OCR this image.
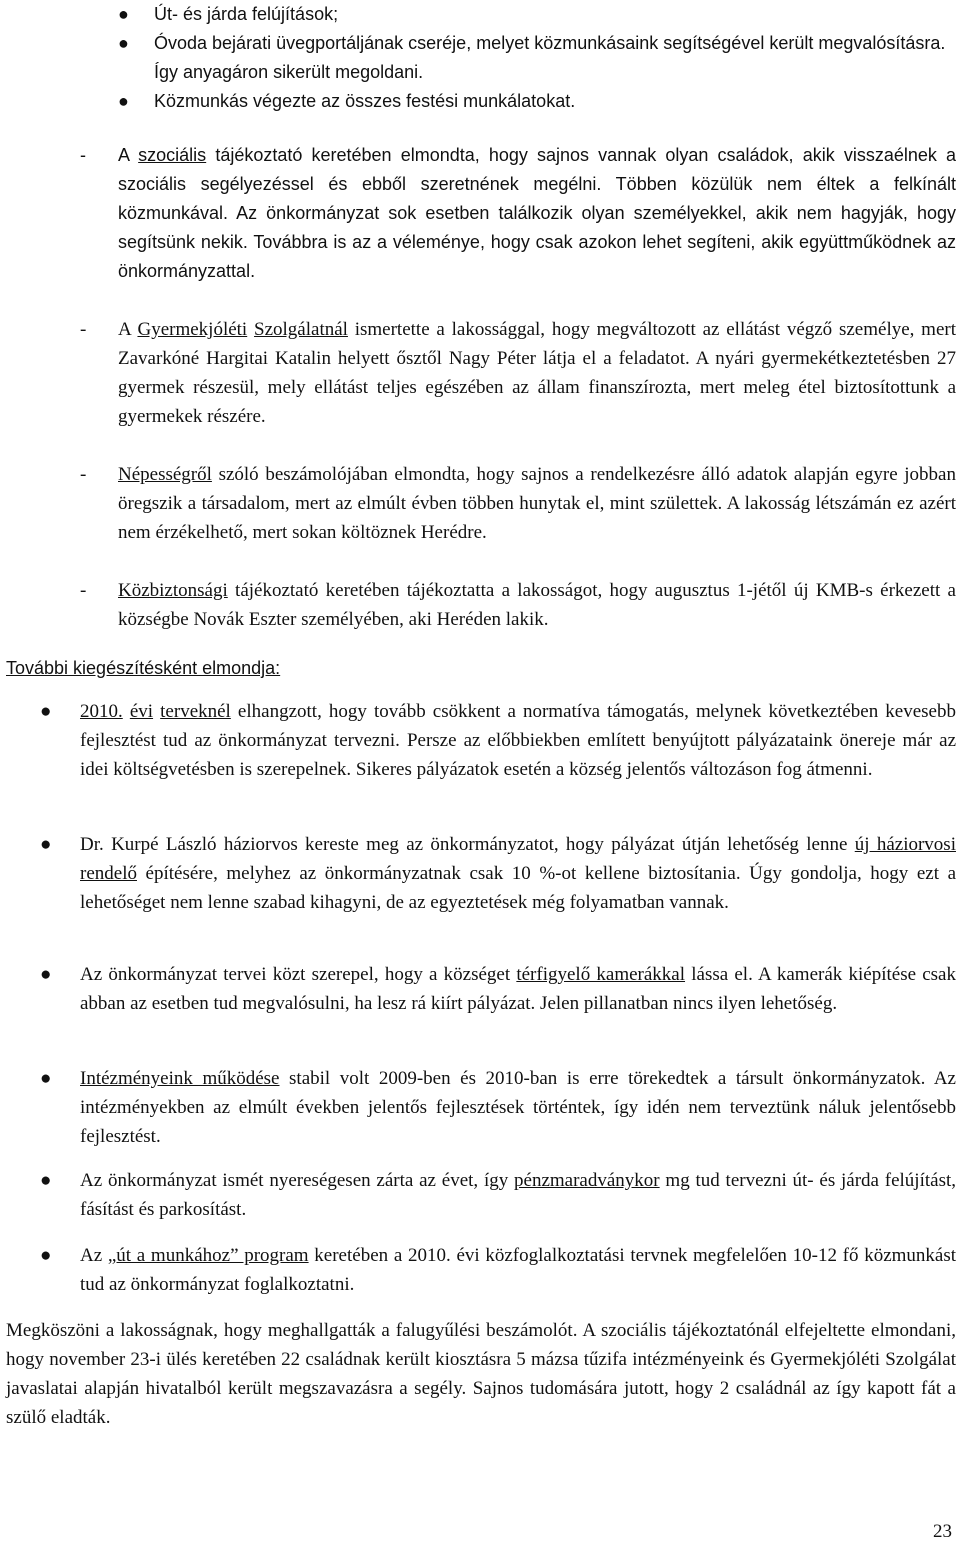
● Út- és járda felújítások;
● Óvoda bejárati üvegportáljának cseréje, melyet közmunkásaink segítségével került megvalósításra. Így anyagáron sikerült megoldani.
● Közmunkás végezte az összes festési munkálatokat.
- A szociális tájékoztató keretében elmondta, hogy sajnos vannak olyan családok, akik visszaélnek a szociális segélyezéssel és ebből szeretnének megélni. Többen közülük nem éltek a felkínált közmunkával. Az önkormányzat sok esetben találkozik olyan személyekkel, akik nem hagyják, hogy segítsünk nekik. Továbbra is az a véleménye, hogy csak azokon lehet segíteni, akik együttműködnek az önkormányzattal.
- A Gyermekjóléti Szolgálatnál ismertette a lakossággal, hogy megváltozott az ellátást végző személye, mert Zavarkóné Hargitai Katalin helyett ősztől Nagy Péter látja el a feladatot. A nyári gyermekétkeztetésben 27 gyermek részesül, mely ellátást teljes egészében az állam finanszírozta, mert meleg étel biztosítottunk a gyermekek részére.
- Népességről szóló beszámolójában elmondta, hogy sajnos a rendelkezésre álló adatok alapján egyre jobban öregszik a társadalom, mert az elmúlt évben többen hunytak el, mint születtek. A lakosság létszámán ez azért nem érzékelhető, mert sokan költöznek Herédre.
- Közbiztonsági tájékoztató keretében tájékoztatta a lakosságot, hogy augusztus 1-jétől új KMB-s érkezett a községbe Novák Eszter személyében, aki Heréden lakik.
További kiegészítésként elmondja:
● 2010. évi terveknél elhangzott, hogy tovább csökkent a normatíva támogatás, melynek következtében kevesebb fejlesztést tud az önkormányzat tervezni. Persze az előbbiekben említett benyújtott pályázataink önereje már az idei költségvetésben is szerepelnek. Sikeres pályázatok esetén a község jelentős változáson fog átmenni.
● Dr. Kurpé László háziorvos kereste meg az önkormányzatot, hogy pályázat útján lehetőség lenne új háziorvosi rendelő építésére, melyhez az önkormányzatnak csak 10 %-ot kellene biztosítania. Úgy gondolja, hogy ezt a lehetőséget nem lenne szabad kihagyni, de az egyeztetések még folyamatban vannak.
● Az önkormányzat tervei közt szerepel, hogy a községet térfigyelő kamerákkal lássa el. A kamerák kiépítése csak abban az esetben tud megvalósulni, ha lesz rá kiírt pályázat. Jelen pillanatban nincs ilyen lehetőség.
● Intézményeink működése stabil volt 2009-ben és 2010-ban is erre törekedtek a társult önkormányzatok. Az intézményekben az elmúlt években jelentős fejlesztések történtek, így idén nem terveztünk náluk jelentősebb fejlesztést.
● Az önkormányzat ismét nyereségesen zárta az évet, így pénzmaradványkor mg tud tervezni út- és járda felújítást, fásítást és parkosítást.
● Az „út a munkához” program keretében a 2010. évi közfoglalkoztatási tervnek megfelelően 10-12 fő közmunkást tud az önkormányzat foglalkoztatni.
Megköszöni a lakosságnak, hogy meghallgatták a falugyűlési beszámolót. A szociális tájékoztatónál elfejeltette elmondani, hogy november 23-i ülés keretében 22 családnak került kiosztásra 5 mázsa tűzifa intézményeink és Gyermekjóléti Szolgálat javaslatai alapján hivatalból került megszavazásra a segély. Sajnos tudomására jutott, hogy 2 családnál az így kapott fát a szülő eladták.
23
